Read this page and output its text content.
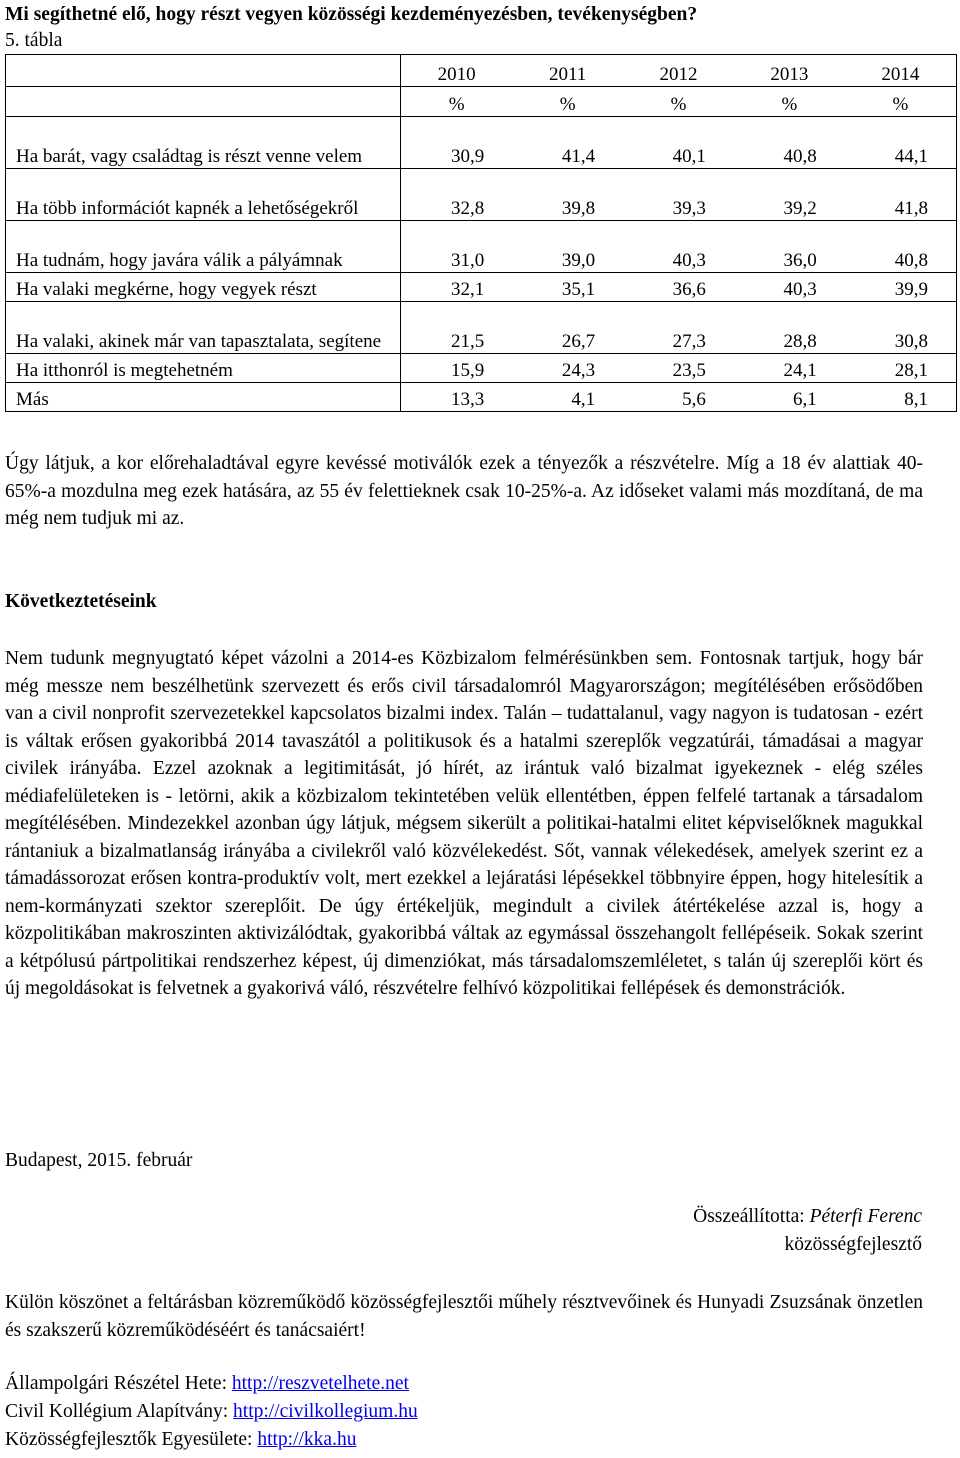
Mi segíthetné elő, hogy részt vegyen közösségi kezdeményezésben, tevékenységben?
5. tábla
	2010	2011	2012	2013	2014
	%	%	%	%	%
Ha barát, vagy családtag is részt venne velem	30,9	41,4	40,1	40,8	44,1
Ha több információt kapnék a lehetőségekről	32,8	39,8	39,3	39,2	41,8
Ha tudnám, hogy javára válik a pályámnak	31,0	39,0	40,3	36,0	40,8
Ha valaki megkérne, hogy vegyek részt	32,1	35,1	36,6	40,3	39,9
Ha valaki, akinek már van tapasztalata, segítene	21,5	26,7	27,3	28,8	30,8
Ha itthonról is megtehetném	15,9	24,3	23,5	24,1	28,1
Más	13,3	4,1	5,6	6,1	8,1
Úgy látjuk, a kor előrehaladtával egyre kevéssé motiválók ezek a tényezők a részvételre. Míg a 18 év alattiak 40-65%-a mozdulna meg ezek hatására, az 55 év felettieknek csak 10-25%-a. Az időseket valami más mozdítaná, de ma még nem tudjuk mi az.
Következtetéseink
Nem tudunk megnyugtató képet vázolni a 2014-es Közbizalom felmérésünkben sem. Fontosnak tartjuk, hogy bár még messze nem beszélhetünk szervezett és erős civil társadalomról Magyarországon; megítélésében erősödőben van a civil nonprofit szervezetekkel kapcsolatos bizalmi index. Talán – tudattalanul, vagy nagyon is tudatosan - ezért is váltak erősen gyakoribbá 2014 tavaszától a politikusok és a hatalmi szereplők vegzatúrái, támadásai a magyar civilek irányába. Ezzel azoknak a legitimitását, jó hírét, az irántuk való bizalmat igyekeznek - elég széles médiafelületeken is - letörni, akik a közbizalom tekintetében velük ellentétben, éppen felfelé tartanak a társadalom megítélésében. Mindezekkel azonban úgy látjuk, mégsem sikerült a politikai-hatalmi elitet képviselőknek magukkal rántaniuk a bizalmatlanság irányába a civilekről való közvélekedést. Sőt, vannak vélekedések, amelyek szerint ez a támadássorozat erősen kontra-produktív volt, mert ezekkel a lejáratási lépésekkel többnyire éppen, hogy hitelesítik a nem-kormányzati szektor szereplőit. De úgy értékeljük, megindult a civilek átértékelése azzal is, hogy a közpolitikában makroszinten aktivizálódtak, gyakoribbá váltak az egymással összehangolt fellépéseik. Sokak szerint a kétpólusú pártpolitikai rendszerhez képest, új dimenziókat, más társadalomszemléletet, s talán új szereplői kört és új megoldásokat is felvetnek a gyakorivá váló, részvételre felhívó közpolitikai fellépések és demonstrációk.
Budapest, 2015. február
Összeállította: Péterfi Ferenc
közösségfejlesztő
Külön köszönet a feltárásban közreműködő közösségfejlesztői műhely résztvevőinek és Hunyadi Zsuzsának önzetlen és szakszerű közreműködéséért és tanácsaiért!
Állampolgári Részétel Hete: http://reszvetelhete.net
Civil Kollégium Alapítvány: http://civilkollegium.hu
Közösségfejlesztők Egyesülete: http://kka.hu
